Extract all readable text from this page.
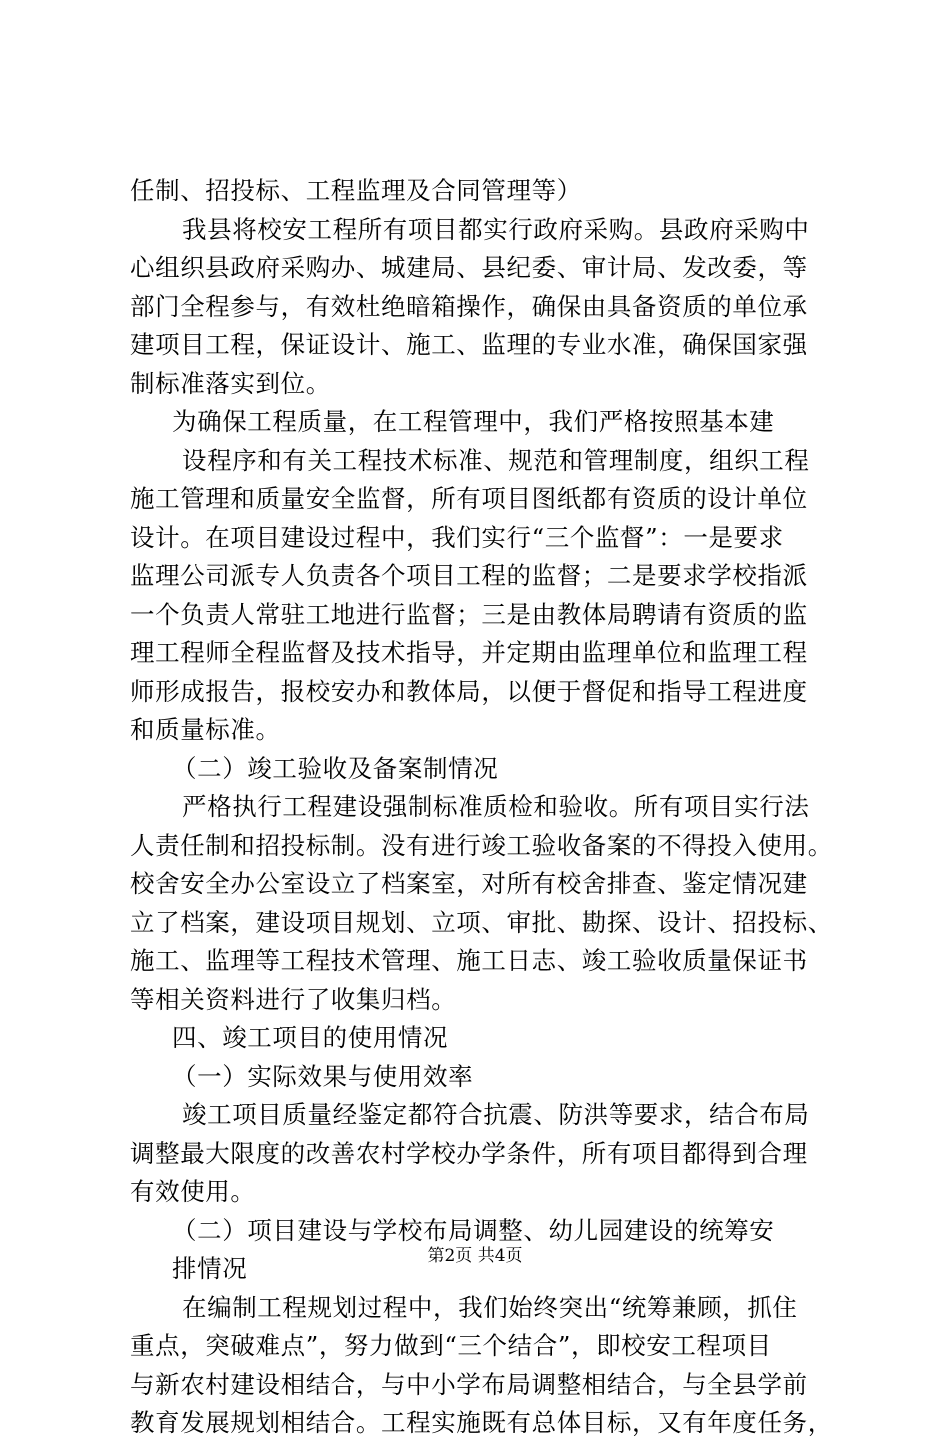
任制、招投标、工程监理及合同管理等）
我县将校安工程所有项目都实行政府采购。县政府采购中
心组织县政府采购办、城建局、县纪委、审计局、发改委，等
部门全程参与，有效杜绝暗箱操作，确保由具备资质的单位承
建项目工程，保证设计、施工、监理的专业水准，确保国家强
制标准落实到位。
为确保工程质量，在工程管理中，我们严格按照基本建
设程序和有关工程技术标准、规范和管理制度，组织工程
施工管理和质量安全监督，所有项目图纸都有资质的设计单位
设计。在项目建设过程中，我们实行“三个监督”：一是要求
监理公司派专人负责各个项目工程的监督；二是要求学校指派
一个负责人常驻工地进行监督；三是由教体局聘请有资质的监
理工程师全程监督及技术指导，并定期由监理单位和监理工程
师形成报告，报校安办和教体局，以便于督促和指导工程进度
和质量标准。
（二）竣工验收及备案制情况
严格执行工程建设强制标准质检和验收。所有项目实行法
人责任制和招投标制。没有进行竣工验收备案的不得投入使用。
校舍安全办公室设立了档案室，对所有校舍排查、鉴定情况建
立了档案，建设项目规划、立项、审批、勘探、设计、招投标、
施工、监理等工程技术管理、施工日志、竣工验收质量保证书
等相关资料进行了收集归档。
四、竣工项目的使用情况
（一）实际效果与使用效率
竣工项目质量经鉴定都符合抗震、防洪等要求，结合布局
调整最大限度的改善农村学校办学条件，所有项目都得到合理
有效使用。
（二）项目建设与学校布局调整、幼儿园建设的统筹安
排情况
在编制工程规划过程中，我们始终突出“统筹兼顾，抓住
重点，突破难点”，努力做到“三个结合”，即校安工程项目
与新农村建设相结合，与中小学布局调整相结合，与全县学前
教育发展规划相结合。工程实施既有总体目标，又有年度任务，
第2页 共4页
